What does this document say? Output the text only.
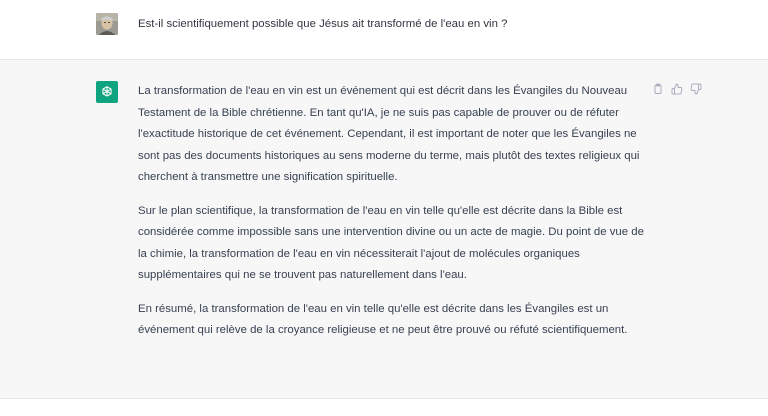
Est-il scientifiquement possible que Jésus ait transformé de l'eau en vin ?

La transformation de l'eau en vin est un événement qui est décrit dans les Évangiles du Nouveau Testament de la Bible chrétienne. En tant qu'IA, je ne suis pas capable de prouver ou de réfuter l'exactitude historique de cet événement. Cependant, il est important de noter que les Évangiles ne sont pas des documents historiques au sens moderne du terme, mais plutôt des textes religieux qui cherchent à transmettre une signification spirituelle.

Sur le plan scientifique, la transformation de l'eau en vin telle qu'elle est décrite dans la Bible est considérée comme impossible sans une intervention divine ou un acte de magie. Du point de vue de la chimie, la transformation de l'eau en vin nécessiterait l'ajout de molécules organiques supplémentaires qui ne se trouvent pas naturellement dans l'eau.

En résumé, la transformation de l'eau en vin telle qu'elle est décrite dans les Évangiles est un événement qui relève de la croyance religieuse et ne peut être prouvé ou réfuté scientifiquement.
